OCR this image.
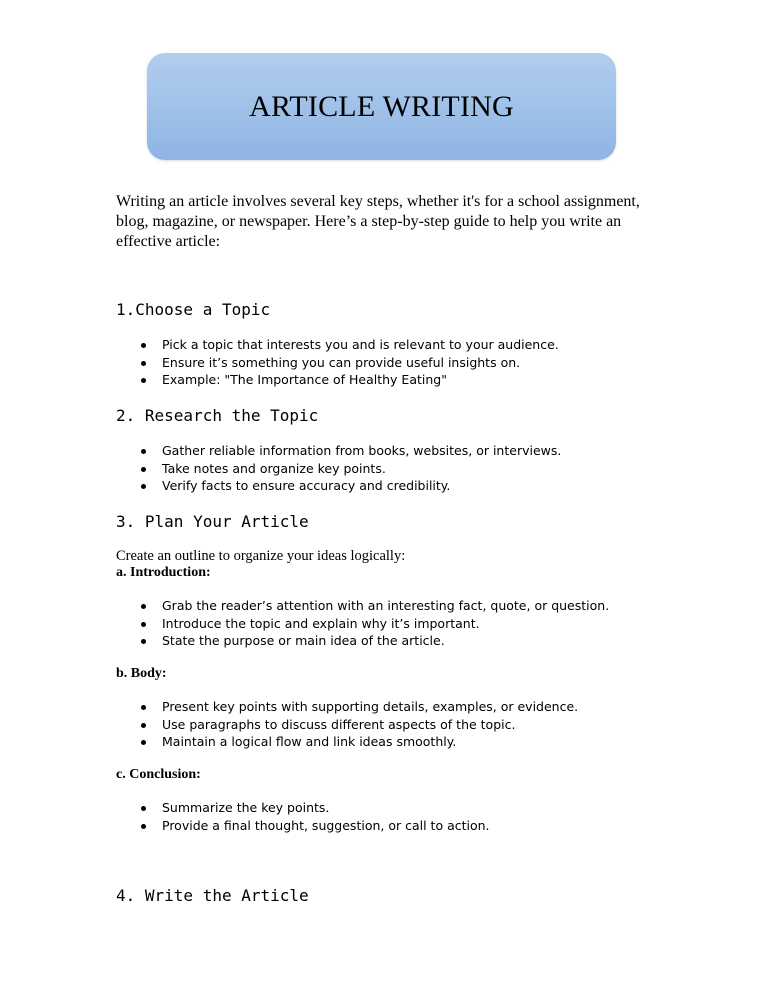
ARTICLE WRITING

Writing an article involves several key steps, whether it's for a school assignment, blog, magazine, or newspaper. Here’s a step-by-step guide to help you write an effective article:

1.Choose a Topic
Pick a topic that interests you and is relevant to your audience.
Ensure it’s something you can provide useful insights on.
Example: "The Importance of Healthy Eating"
2. Research the Topic
Gather reliable information from books, websites, or interviews.
Take notes and organize key points.
Verify facts to ensure accuracy and credibility.
3. Plan Your Article

Create an outline to organize your ideas logically:

a. Introduction:

Grab the reader’s attention with an interesting fact, quote, or question.
Introduce the topic and explain why it’s important.
State the purpose or main idea of the article.

b. Body:

Present key points with supporting details, examples, or evidence.
Use paragraphs to discuss different aspects of the topic.
Maintain a logical flow and link ideas smoothly.

c. Conclusion:

Summarize the key points.
Provide a final thought, suggestion, or call to action.
4. Write the Article
